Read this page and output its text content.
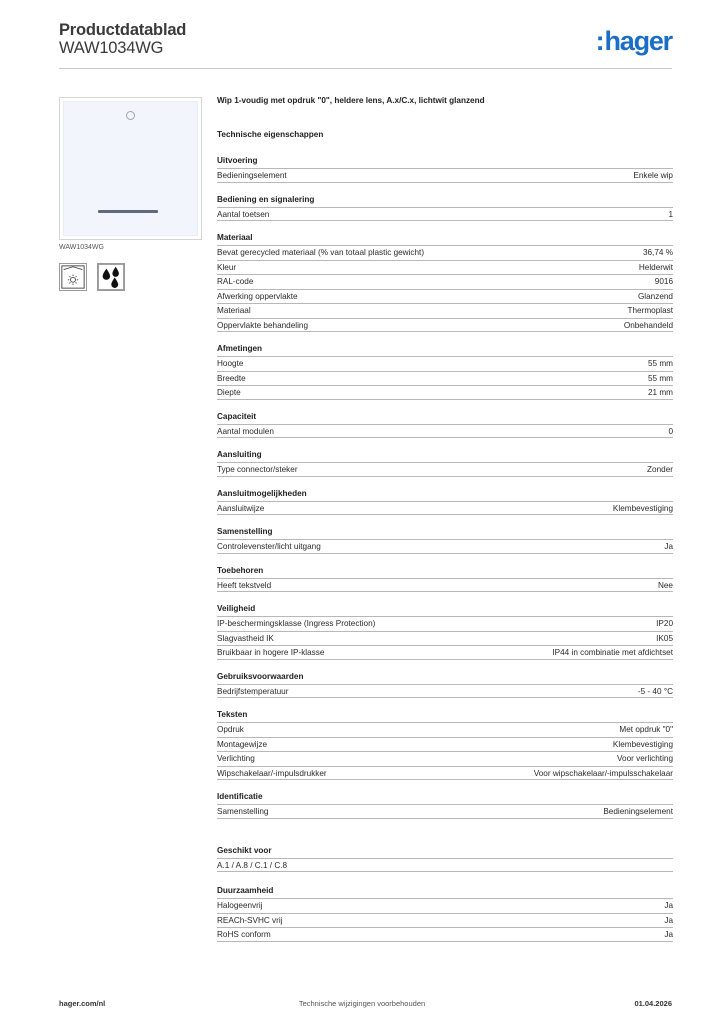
Productdatablad
WAW1034WG	: hager
WAW1034WG
Wip 1-voudig met opdruk "0", heldere lens, A.x/C.x, lichtwit glanzend
Technische eigenschappen
Uitvoering
Bedieningselement	Enkele wip
Bediening en signalering
Aantal toetsen	1
Materiaal
Bevat gerecycled materiaal (% van totaal plastic gewicht)	36,74 %
Kleur	Helderwit
RAL-code	9016
Afwerking oppervlakte	Glanzend
Materiaal	Thermoplast
Oppervlakte behandeling	Onbehandeld
Afmetingen
Hoogte	55 mm
Breedte	55 mm
Diepte	21 mm
Capaciteit
Aantal modulen	0
Aansluiting
Type connector/steker	Zonder
Aansluitmogelijkheden
Aansluitwijze	Klembevestiging
Samenstelling
Controlevenster/licht uitgang	Ja
Toebehoren
Heeft tekstveld	Nee
Veiligheid
IP-beschermingsklasse (Ingress Protection)	IP20
Slagvastheid IK	IK05
Bruikbaar in hogere IP-klasse	IP44 in combinatie met afdichtset
Gebruiksvoorwaarden
Bedrijfstemperatuur	-5 - 40 °C
Teksten
Opdruk	Met opdruk "0"
Montagewijze	Klembevestiging
Verlichting	Voor verlichting
Wipschakelaar/-impulsdrukker	Voor wipschakelaar/-impulsschakelaar
Identificatie
Samenstelling	Bedieningselement
Geschikt voor
A.1 / A.8 / C.1 / C.8
Duurzaamheid
Halogeenvrij	Ja
REACh-SVHC vrij	Ja
RoHS conform	Ja
hager.com/nl	Technische wijzigingen voorbehouden	01.04.2026
